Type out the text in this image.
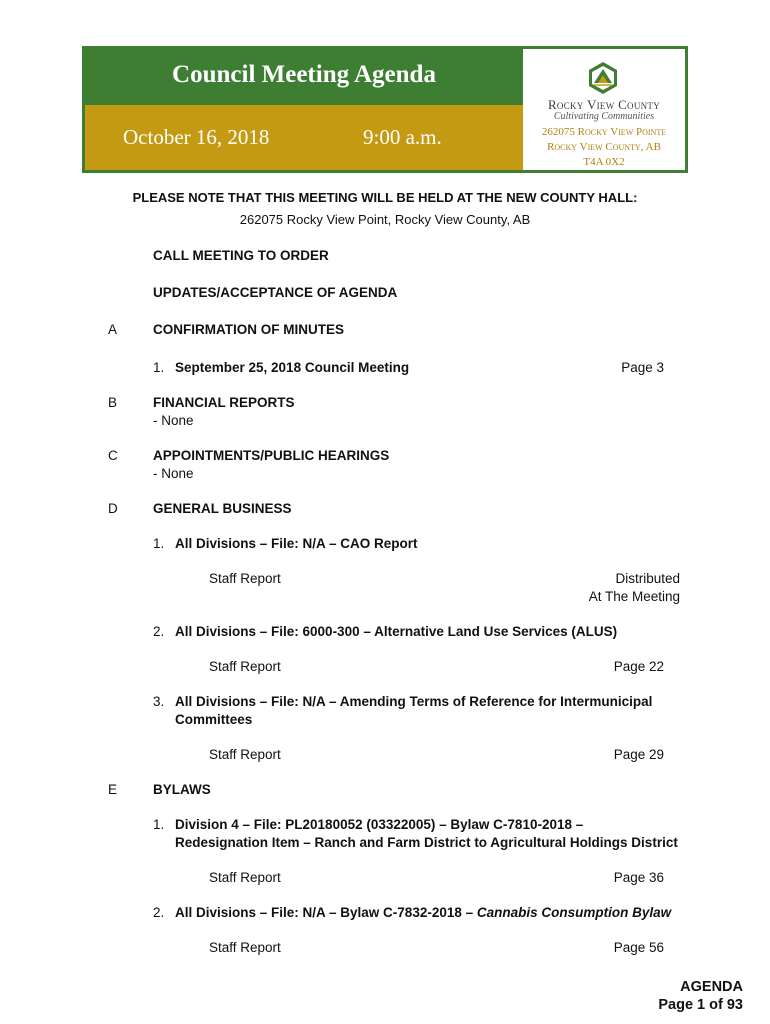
Council Meeting Agenda
October 16, 2018	9:00 a.m.
Rocky View County
Cultivating Communities
262075 Rocky View Pointe
Rocky View County, AB
T4A 0X2
PLEASE NOTE THAT THIS MEETING WILL BE HELD AT THE NEW COUNTY HALL:
262075 Rocky View Point, Rocky View County, AB
CALL MEETING TO ORDER
UPDATES/ACCEPTANCE OF AGENDA
A	CONFIRMATION OF MINUTES
1. September 25, 2018 Council Meeting	Page 3
B	FINANCIAL REPORTS
- None
C	APPOINTMENTS/PUBLIC HEARINGS
- None
D	GENERAL BUSINESS
1. All Divisions – File: N/A – CAO Report
Staff Report	Distributed
At The Meeting
2. All Divisions – File: 6000-300 – Alternative Land Use Services (ALUS)
Staff Report	Page 22
3. All Divisions – File: N/A – Amending Terms of Reference for Intermunicipal
Committees
Staff Report	Page 29
E	BYLAWS
1. Division 4 – File: PL20180052 (03322005) – Bylaw C-7810-2018 –
Redesignation Item – Ranch and Farm District to Agricultural Holdings District
Staff Report	Page 36
2. All Divisions – File: N/A – Bylaw C-7832-2018 – Cannabis Consumption Bylaw
Staff Report	Page 56
AGENDA
Page 1 of 93
